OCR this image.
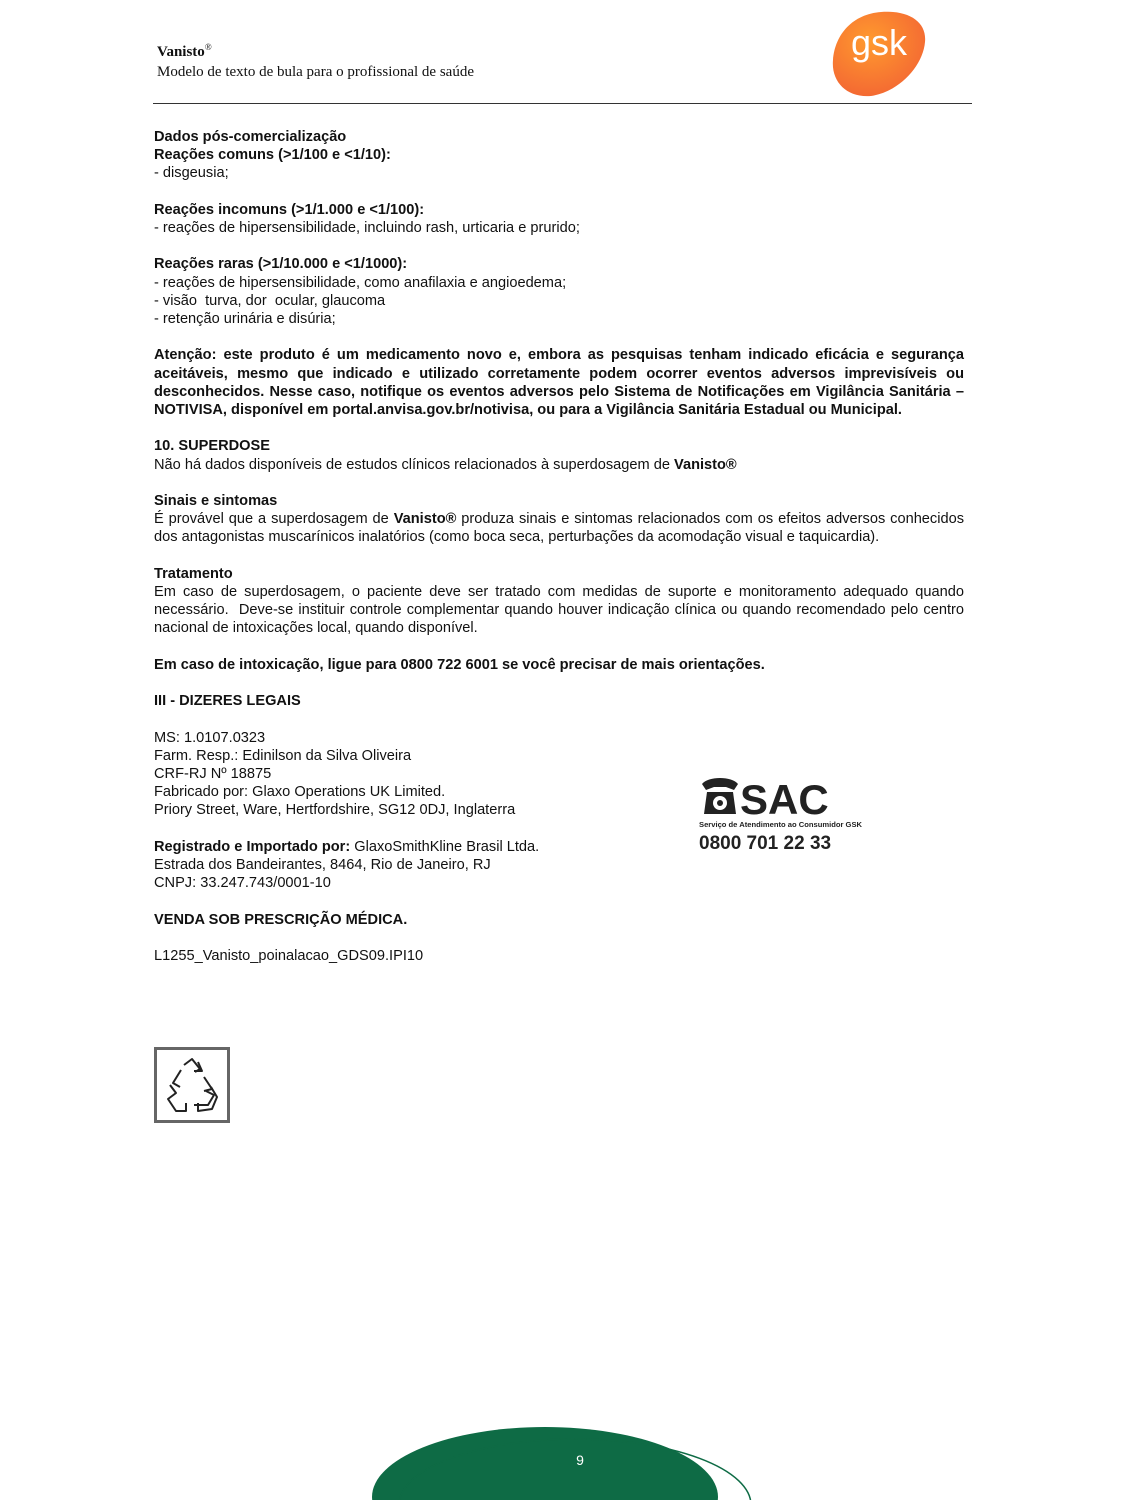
Vanisto®
Modelo de texto de bula para o profissional de saúde
gsk

Dados pós-comercialização

Reações comuns (>1/100 e <1/10):

- disgeusia;

Reações incomuns (>1/1.000 e <1/100):

- reações de hipersensibilidade, incluindo rash, urticaria e prurido;

Reações raras (>1/10.000 e <1/1000):

- reações de hipersensibilidade, como anafilaxia e angioedema;

- visão  turva, dor  ocular, glaucoma

- retenção urinária e disúria;

Atenção: este produto é um medicamento novo e, embora as pesquisas tenham indicado eficácia e segurança aceitáveis, mesmo que indicado e utilizado corretamente podem ocorrer eventos adversos imprevisíveis ou desconhecidos. Nesse caso, notifique os eventos adversos pelo Sistema de Notificações em Vigilância Sanitária – NOTIVISA, disponível em portal.anvisa.gov.br/notivisa, ou para a Vigilância Sanitária Estadual ou Municipal.

10. SUPERDOSE

Não há dados disponíveis de estudos clínicos relacionados à superdosagem de Vanisto®

Sinais e sintomas

É provável que a superdosagem de Vanisto® produza sinais e sintomas relacionados com os efeitos adversos conhecidos dos antagonistas muscarínicos inalatórios (como boca seca, perturbações da acomodação visual e taquicardia).

Tratamento

Em caso de superdosagem, o paciente deve ser tratado com medidas de suporte e monitoramento adequado quando necessário.  Deve-se instituir controle complementar quando houver indicação clínica ou quando recomendado pelo centro nacional de intoxicações local, quando disponível.

Em caso de intoxicação, ligue para 0800 722 6001 se você precisar de mais orientações.

III - DIZERES LEGAIS

MS: 1.0107.0323

Farm. Resp.: Edinilson da Silva Oliveira

CRF-RJ Nº 18875

Fabricado por: Glaxo Operations UK Limited.

Priory Street, Ware, Hertfordshire, SG12 0DJ, Inglaterra

Registrado e Importado por: GlaxoSmithKline Brasil Ltda.

Estrada dos Bandeirantes, 8464, Rio de Janeiro, RJ

CNPJ: 33.247.743/0001-10

VENDA SOB PRESCRIÇÃO MÉDICA.

L1255_Vanisto_poinalacao_GDS09.IPI10

SAC
Serviço de Atendimento ao Consumidor GSK
0800 701 22 33
9
